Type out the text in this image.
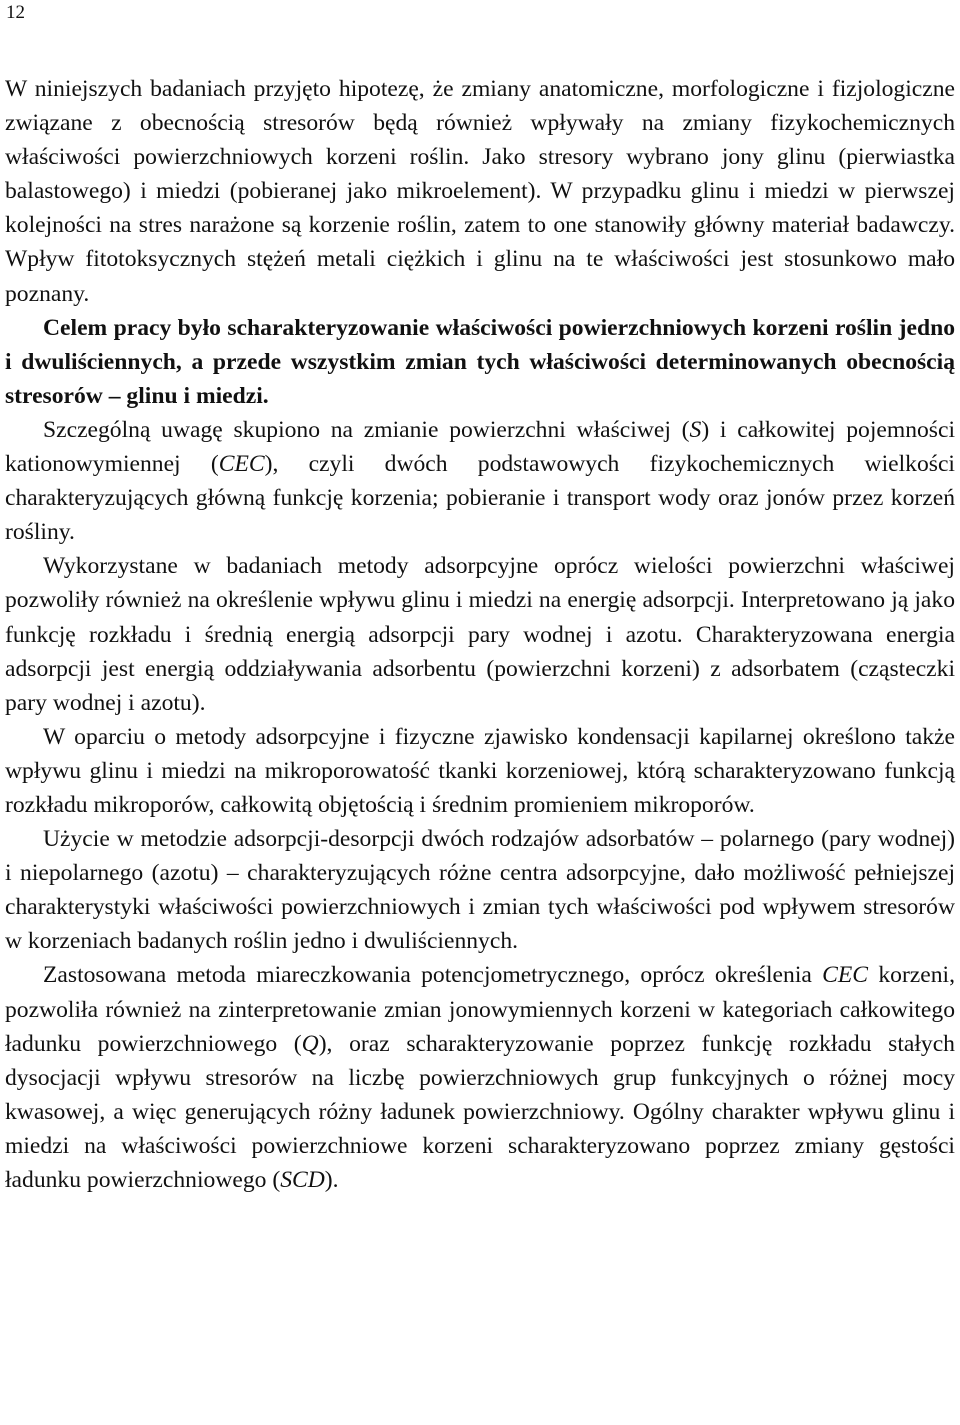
12

W niniejszych badaniach przyjęto hipotezę, że zmiany anatomiczne, morfologiczne i fizjologiczne związane z obecnością stresorów będą również wpływały na zmiany fizykochemicznych właściwości powierzchniowych korzeni roślin. Jako stresory wybrano jony glinu (pierwiastka balastowego) i miedzi (pobieranej jako mikroelement). W przypadku glinu i miedzi w pierwszej kolejności na stres narażone są korzenie roślin, zatem to one stanowiły główny materiał badawczy. Wpływ fitotoksycznych stężeń metali ciężkich i glinu na te właściwości jest stosunkowo mało poznany.

Celem pracy było scharakteryzowanie właściwości powierzchniowych korzeni roślin jedno i dwuliściennych, a przede wszystkim zmian tych właściwości determinowanych obecnością stresorów – glinu i miedzi.

Szczególną uwagę skupiono na zmianie powierzchni właściwej (S) i całkowitej pojemności kationowymiennej (CEC), czyli dwóch podstawowych fizykochemicznych wielkości charakteryzujących główną funkcję korzenia; pobieranie i transport wody oraz jonów przez korzeń rośliny.

Wykorzystane w badaniach metody adsorpcyjne oprócz wielości powierzchni właściwej pozwoliły również na określenie wpływu glinu i miedzi na energię adsorpcji. Interpretowano ją jako funkcję rozkładu i średnią energią adsorpcji pary wodnej i azotu. Charakteryzowana energia adsorpcji jest energią oddziaływania adsorbentu (powierzchni korzeni) z adsorbatem (cząsteczki pary wodnej i azotu).

W oparciu o metody adsorpcyjne i fizyczne zjawisko kondensacji kapilarnej określono także wpływu glinu i miedzi na mikroporowatość tkanki korzeniowej, którą scharakteryzowano funkcją rozkładu mikroporów, całkowitą objętością i średnim promieniem mikroporów.

Użycie w metodzie adsorpcji-desorpcji dwóch rodzajów adsorbatów – polarnego (pary wodnej) i niepolarnego (azotu) – charakteryzujących różne centra adsorpcyjne, dało możliwość pełniejszej charakterystyki właściwości powierzchniowych i zmian tych właściwości pod wpływem stresorów w korzeniach badanych roślin jedno i dwuliściennych.

Zastosowana metoda miareczkowania potencjometrycznego, oprócz określenia CEC korzeni, pozwoliła również na zinterpretowanie zmian jonowymiennych korzeni w kategoriach całkowitego ładunku powierzchniowego (Q), oraz scharakteryzowanie poprzez funkcję rozkładu stałych dysocjacji wpływu stresorów na liczbę powierzchniowych grup funkcyjnych o różnej mocy kwasowej, a więc generujących różny ładunek powierzchniowy. Ogólny charakter wpływu glinu i miedzi na właściwości powierzchniowe korzeni scharakteryzowano poprzez zmiany gęstości ładunku powierzchniowego (SCD).
